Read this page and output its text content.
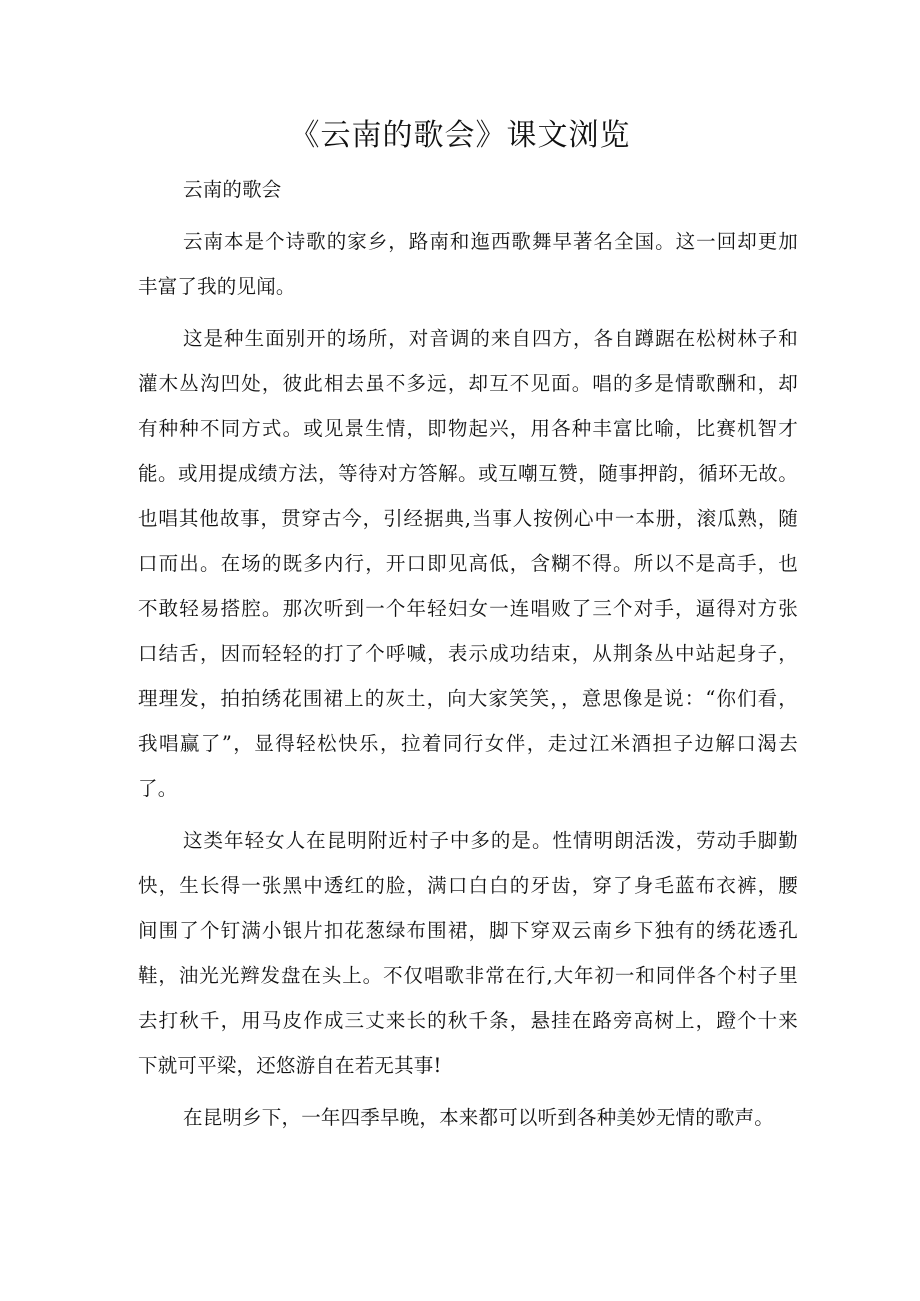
《云南的歌会》课文浏览
云南的歌会
云南本是个诗歌的家乡，路南和迤西歌舞早著名全国。这一回却更加
丰富了我的见闻。
这是种生面别开的场所，对音调的来自四方，各自蹲踞在松树林子和
灌木丛沟凹处，彼此相去虽不多远，却互不见面。唱的多是情歌酬和，却
有种种不同方式。或见景生情，即物起兴，用各种丰富比喻，比赛机智才
能。或用提成绩方法，等待对方答解。或互嘲互赞，随事押韵，循环无故。
也唱其他故事，贯穿古今，引经据典,当事人按例心中一本册，滚瓜熟，随
口而出。在场的既多内行，开口即见高低，含糊不得。所以不是高手，也
不敢轻易搭腔。那次听到一个年轻妇女一连唱败了三个对手，逼得对方张
口结舌，因而轻轻的打了个呼喊，表示成功结束，从荆条丛中站起身子，
理理发，拍拍绣花围裙上的灰土，向大家笑笑，，意思像是说：“你们看，
我唱赢了”，显得轻松快乐，拉着同行女伴，走过江米酒担子边解口渴去
了。
这类年轻女人在昆明附近村子中多的是。性情明朗活泼，劳动手脚勤
快，生长得一张黑中透红的脸，满口白白的牙齿，穿了身毛蓝布衣裤，腰
间围了个钉满小银片扣花葱绿布围裙，脚下穿双云南乡下独有的绣花透孔
鞋，油光光辫发盘在头上。不仅唱歌非常在行,大年初一和同伴各个村子里
去打秋千，用马皮作成三丈来长的秋千条，悬挂在路旁高树上，蹬个十来
下就可平梁，还悠游自在若无其事!
在昆明乡下，一年四季早晚，本来都可以听到各种美妙无情的歌声。
